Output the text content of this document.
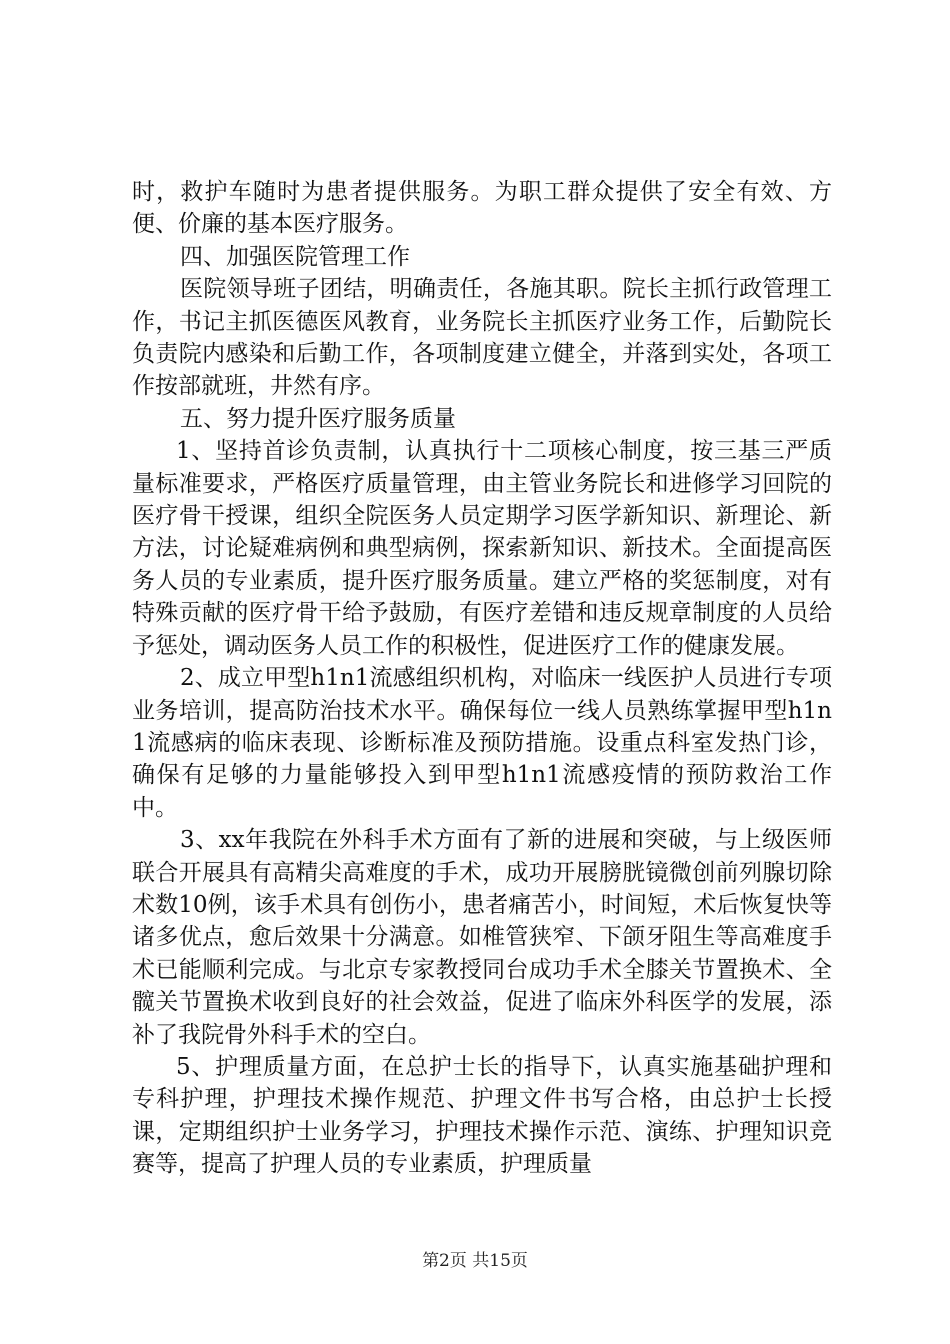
时，救护车随时为患者提供服务。为职工群众提供了安全有效、方便、价廉的基本医疗服务。

四、加强医院管理工作

医院领导班子团结，明确责任，各施其职。院长主抓行政管理工作，书记主抓医德医风教育，业务院长主抓医疗业务工作，后勤院长负责院内感染和后勤工作，各项制度建立健全，并落到实处，各项工作按部就班，井然有序。

五、努力提升医疗服务质量

1、坚持首诊负责制，认真执行十二项核心制度，按三基三严质量标准要求，严格医疗质量管理，由主管业务院长和进修学习回院的医疗骨干授课，组织全院医务人员定期学习医学新知识、新理论、新方法，讨论疑难病例和典型病例，探索新知识、新技术。全面提高医务人员的专业素质，提升医疗服务质量。建立严格的奖惩制度，对有特殊贡献的医疗骨干给予鼓励，有医疗差错和违反规章制度的人员给予惩处，调动医务人员工作的积极性，促进医疗工作的健康发展。

2、成立甲型h1n1流感组织机构，对临床一线医护人员进行专项业务培训，提高防治技术水平。确保每位一线人员熟练掌握甲型h1n1流感病的临床表现、诊断标准及预防措施。设重点科室发热门诊，确保有足够的力量能够投入到甲型h1n1流感疫情的预防救治工作中。

3、xx年我院在外科手术方面有了新的进展和突破，与上级医师联合开展具有高精尖高难度的手术，成功开展膀胱镜微创前列腺切除术数10例，该手术具有创伤小，患者痛苦小，时间短，术后恢复快等诸多优点，愈后效果十分满意。如椎管狭窄、下颌牙阻生等高难度手术已能顺利完成。与北京专家教授同台成功手术全膝关节置换术、全髋关节置换术收到良好的社会效益，促进了临床外科医学的发展，添补了我院骨外科手术的空白。

5、护理质量方面，在总护士长的指导下，认真实施基础护理和专科护理，护理技术操作规范、护理文件书写合格，由总护士长授课，定期组织护士业务学习，护理技术操作示范、演练、护理知识竞赛等，提高了护理人员的专业素质，护理质量

第2页 共15页
